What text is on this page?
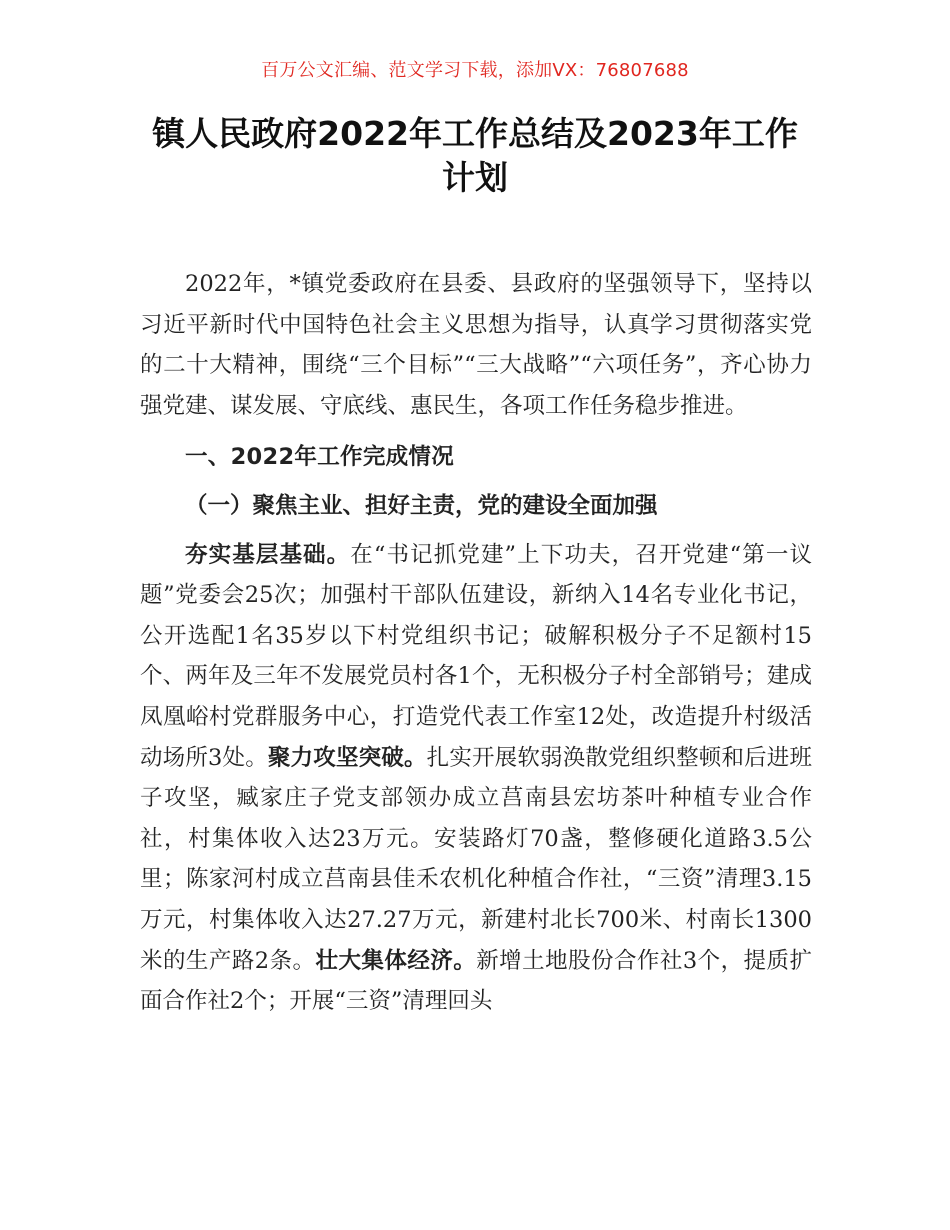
百万公文汇编、范文学习下载，添加VX：76807688
镇人民政府2022年工作总结及2023年工作计划

2022年，*镇党委政府在县委、县政府的坚强领导下，坚持以习近平新时代中国特色社会主义思想为指导，认真学习贯彻落实党的二十大精神，围绕“三个目标”“三大战略”“六项任务”，齐心协力强党建、谋发展、守底线、惠民生，各项工作任务稳步推进。

一、2022年工作完成情况

（一）聚焦主业、担好主责，党的建设全面加强

夯实基层基础。在“书记抓党建”上下功夫，召开党建“第一议题”党委会25次；加强村干部队伍建设，新纳入14名专业化书记，公开选配1名35岁以下村党组织书记；破解积极分子不足额村15个、两年及三年不发展党员村各1个，无积极分子村全部销号；建成凤凰峪村党群服务中心，打造党代表工作室12处，改造提升村级活动场所3处。聚力攻坚突破。扎实开展软弱涣散党组织整顿和后进班子攻坚，臧家庄子党支部领办成立莒南县宏坊茶叶种植专业合作社，村集体收入达23万元。安装路灯70盏，整修硬化道路3.5公里；陈家河村成立莒南县佳禾农机化种植合作社，“三资”清理3.15万元，村集体收入达27.27万元，新建村北长700米、村南长1300米的生产路2条。壮大集体经济。新增土地股份合作社3个，提质扩面合作社2个；开展“三资”清理回头
